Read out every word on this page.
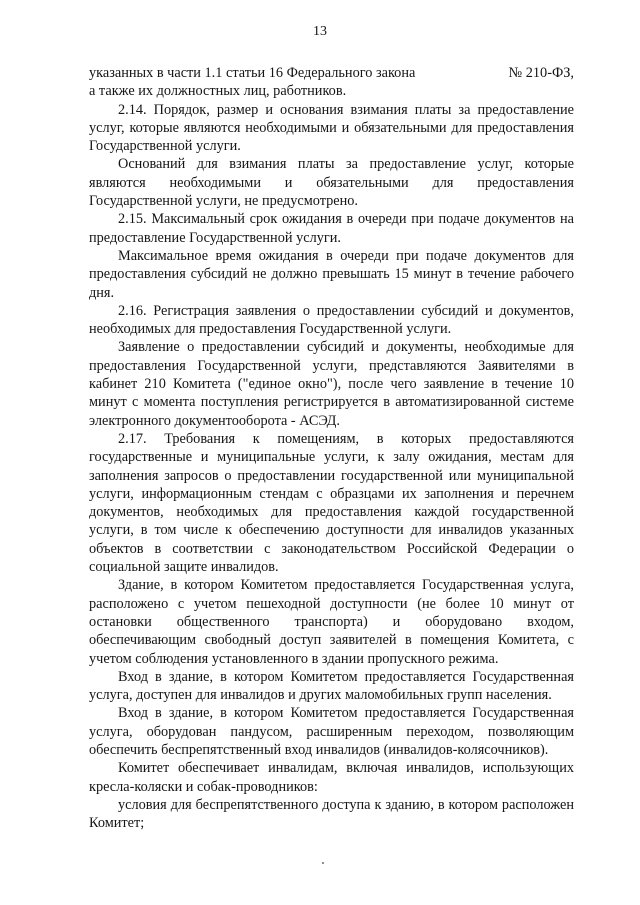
13
указанных в части 1.1 статьи 16 Федерального закона	№ 210-ФЗ,

а также их должностных лиц, работников.

2.14. Порядок, размер и основания взимания платы за предоставление услуг, которые являются необходимыми и обязательными для предоставления Государственной услуги.

Оснований для взимания платы за предоставление услуг, которые являются необходимыми и обязательными для предоставления Государственной услуги, не предусмотрено.

2.15. Максимальный срок ожидания в очереди при подаче документов на предоставление Государственной услуги.

Максимальное время ожидания в очереди при подаче документов для предоставления субсидий не должно превышать 15 минут в течение рабочего дня.

2.16. Регистрация заявления о предоставлении субсидий и документов, необходимых для предоставления Государственной услуги.

Заявление о предоставлении субсидий и документы, необходимые для предоставления Государственной услуги, представляются Заявителями в кабинет 210 Комитета ("единое окно"), после чего заявление в течение 10 минут с момента поступления регистрируется в автоматизированной системе электронного документооборота - АСЭД.

2.17. Требования к помещениям, в которых предоставляются государственные и муниципальные услуги, к залу ожидания, местам для заполнения запросов о предоставлении государственной или муниципальной услуги, информационным стендам с образцами их заполнения и перечнем документов, необходимых для предоставления каждой государственной услуги, в том числе к обеспечению доступности для инвалидов указанных объектов в соответствии с законодательством Российской Федерации о социальной защите инвалидов.

Здание, в котором Комитетом предоставляется Государственная услуга, расположено с учетом пешеходной доступности (не более 10 минут от остановки общественного транспорта) и оборудовано входом, обеспечивающим свободный доступ заявителей в помещения Комитета, с учетом соблюдения установленного в здании пропускного режима.

Вход в здание, в котором Комитетом предоставляется Государственная услуга, доступен для инвалидов и других маломобильных групп населения.

Вход в здание, в котором Комитетом предоставляется Государственная услуга, оборудован пандусом, расширенным переходом, позволяющим обеспечить беспрепятственный вход инвалидов (инвалидов-колясочников).

Комитет обеспечивает инвалидам, включая инвалидов, использующих кресла-коляски и собак-проводников:

условия для беспрепятственного доступа к зданию, в котором расположен Комитет;
